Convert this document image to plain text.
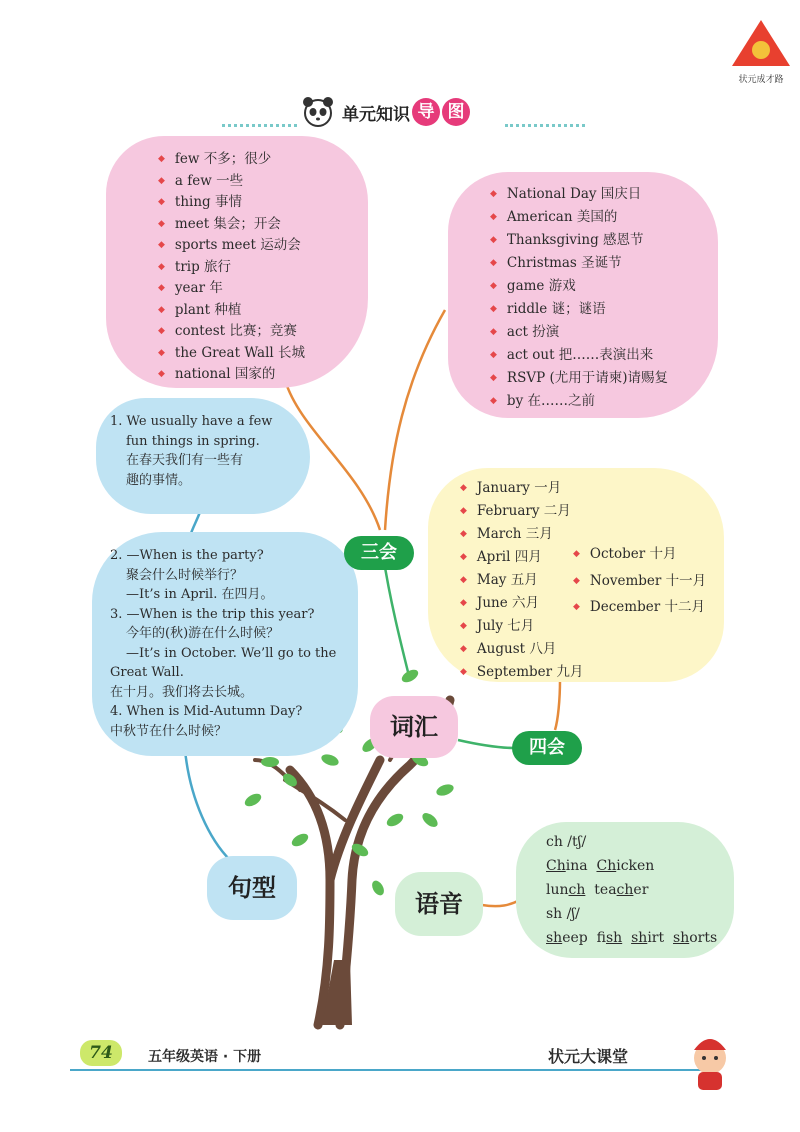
状元成才路
单元知识 导 图
◆ few 不多；很少
◆ a few 一些
◆ thing 事情
◆ meet 集会；开会
◆ sports meet 运动会
◆ trip 旅行
◆ year 年
◆ plant 种植
◆ contest 比赛；竞赛
◆ the Great Wall 长城
◆ national 国家的
◆ National Day 国庆日
◆ American 美国的
◆ Thanksgiving 感恩节
◆ Christmas 圣诞节
◆ game 游戏
◆ riddle 谜；谜语
◆ act 扮演
◆ act out 把……表演出来
◆ RSVP (尤用于请柬)请赐复
◆ by 在……之前
◆ January 一月
◆ February 二月
◆ March 三月
◆ April 四月
◆ May 五月
◆ June 六月
◆ July 七月
◆ August 八月
◆ September 九月
◆ October 十月
◆ November 十一月
◆ December 十二月

1. We usually have a few

fun things in spring.

在春天我们有一些有

趣的事情。

2. —When is the party?

聚会什么时候举行？

—It’s in April. 在四月。

3. —When is the trip this year?

今年的(秋)游在什么时候？

—It’s in October. We’ll go to the

Great Wall.

在十月。我们将去长城。

4. When is Mid-Autumn Day?

中秋节在什么时候？

ch /tʃ/

China Chicken

lunch teacher

sh /ʃ/

sheep fish shirt shorts

三会
四会
词汇
句型
语音
74	五年级英语 · 下册	状元大课堂
